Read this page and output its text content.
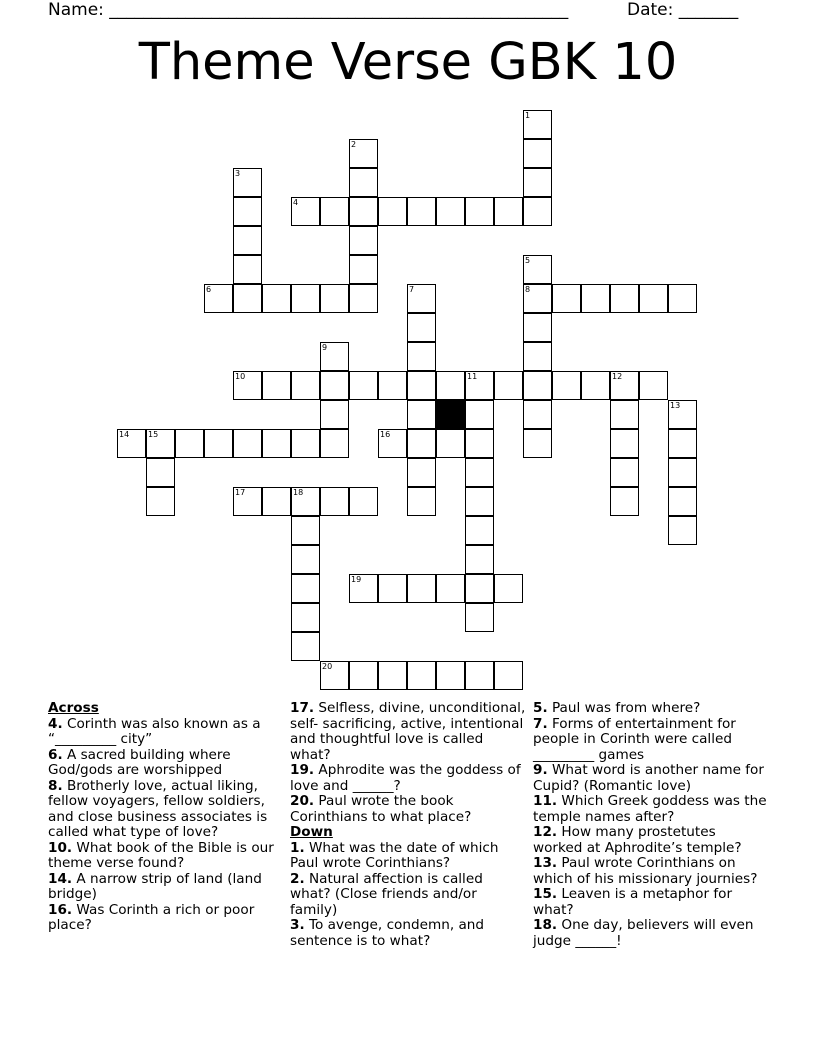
Name: ______________________________________________________	Date: _______
Theme Verse GBK 10
1
2
3
4
5
8
6	7
9
10	11	12
13
14 15	16
17	18
19
20
Across
4. Corinth was also known as a “_________ city”
6. A sacred building where God/gods are worshipped
8. Brotherly love, actual liking, fellow voyagers, fellow soldiers, and close business associates is called what type of love?
10. What book of the Bible is our theme verse found?
14. A narrow strip of land (land bridge)
16. Was Corinth a rich or poor place?
17. Selfless, divine, unconditional, self- sacrificing, active, intentional and thoughtful love is called what?
19. Aphrodite was the goddess of love and ______?
20. Paul wrote the book Corinthians to what place?
Down
1. What was the date of which Paul wrote Corinthians?
2. Natural affection is called what? (Close friends and/or family)
3. To avenge, condemn, and sentence is to what?
5. Paul was from where?
7. Forms of entertainment for people in Corinth were called _________ games
9. What word is another name for Cupid? (Romantic love)
11. Which Greek goddess was the temple names after?
12. How many prostetutes worked at Aphrodite’s temple?
13. Paul wrote Corinthians on which of his missionary journies?
15. Leaven is a metaphor for what?
18. One day, believers will even judge ______!
